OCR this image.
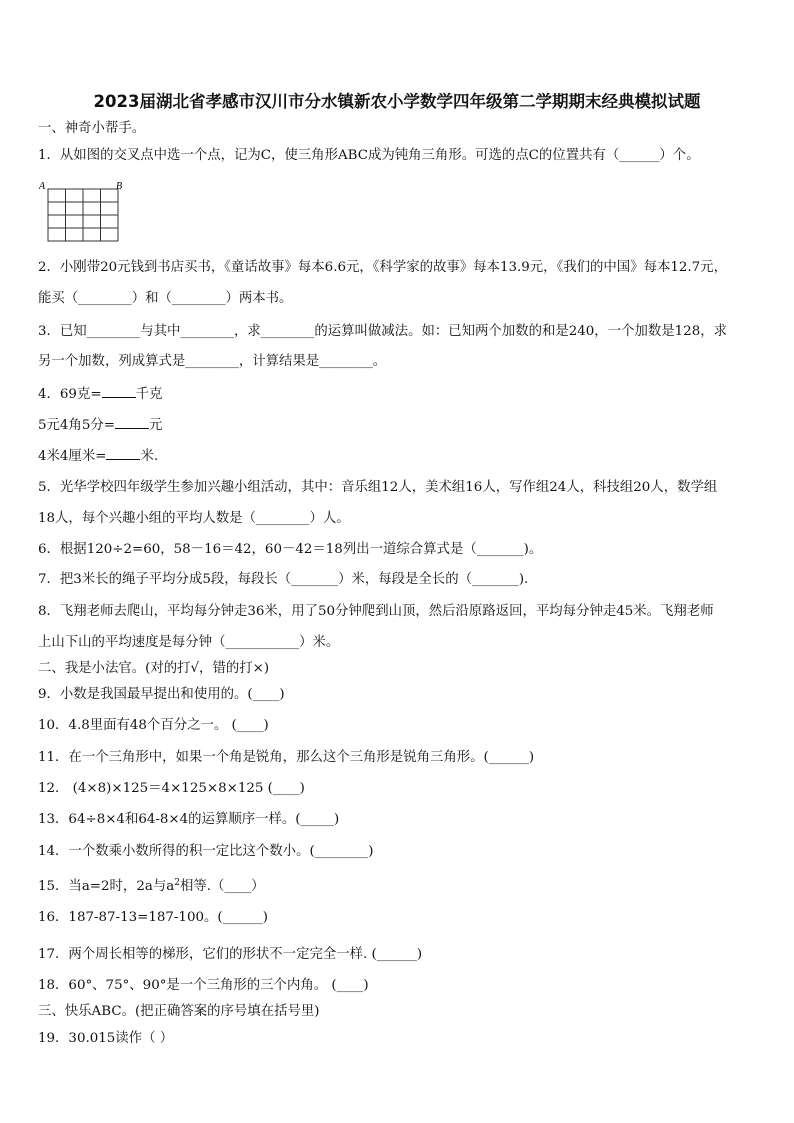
2023届湖北省孝感市汉川市分水镇新农小学数学四年级第二学期期末经典模拟试题
一、神奇小帮手。
1．从如图的交叉点中选一个点，记为C，使三角形ABC成为钝角三角形。可选的点C的位置共有（______）个。
A	B
2．小刚带20元钱到书店买书，《童话故事》每本6.6元，《科学家的故事》每本13.9元，《我们的中国》每本12.7元，
能买（________）和（________）两本书。
3．已知________与其中________，求________的运算叫做减法。如：已知两个加数的和是240，一个加数是128，求
另一个加数，列成算式是________，计算结果是________。
4．69克=	千克
5元4角5分=	元
4米4厘米=	米.
5．光华学校四年级学生参加兴趣小组活动，其中：音乐组12人，美术组16人，写作组24人，科技组20人，数学组
18人，每个兴趣小组的平均人数是（________）人。
6．根据120÷2=60，58－16＝42，60－42＝18列出一道综合算式是（_______)。
7．把3米长的绳子平均分成5段，每段长（_______）米，每段是全长的（_______).
8．飞翔老师去爬山，平均每分钟走36米，用了50分钟爬到山顶，然后沿原路返回，平均每分钟走45米。飞翔老师
上山下山的平均速度是每分钟（___________）米。
二、我是小法官。(对的打√，错的打×)
9．小数是我国最早提出和使用的。(____)
10．4.8里面有48个百分之一。 (____)
11．在一个三角形中，如果一个角是锐角，那么这个三角形是锐角三角形。(______)
12． (4×8)×125＝4×125×8×125 (____)
13．64÷8×4和64-8×4的运算顺序一样。(_____)
14．一个数乘小数所得的积一定比这个数小。(________)
15．当a=2时，2a与$a^2$相等.（____）
16．187-87-13=187-100。(______)
17．两个周长相等的梯形，它们的形状不一定完全一样. (______)
18．60°、75°、90°是一个三角形的三个内角。 (____)
三、快乐ABC。(把正确答案的序号填在括号里)
19．30.015读作（ ）
